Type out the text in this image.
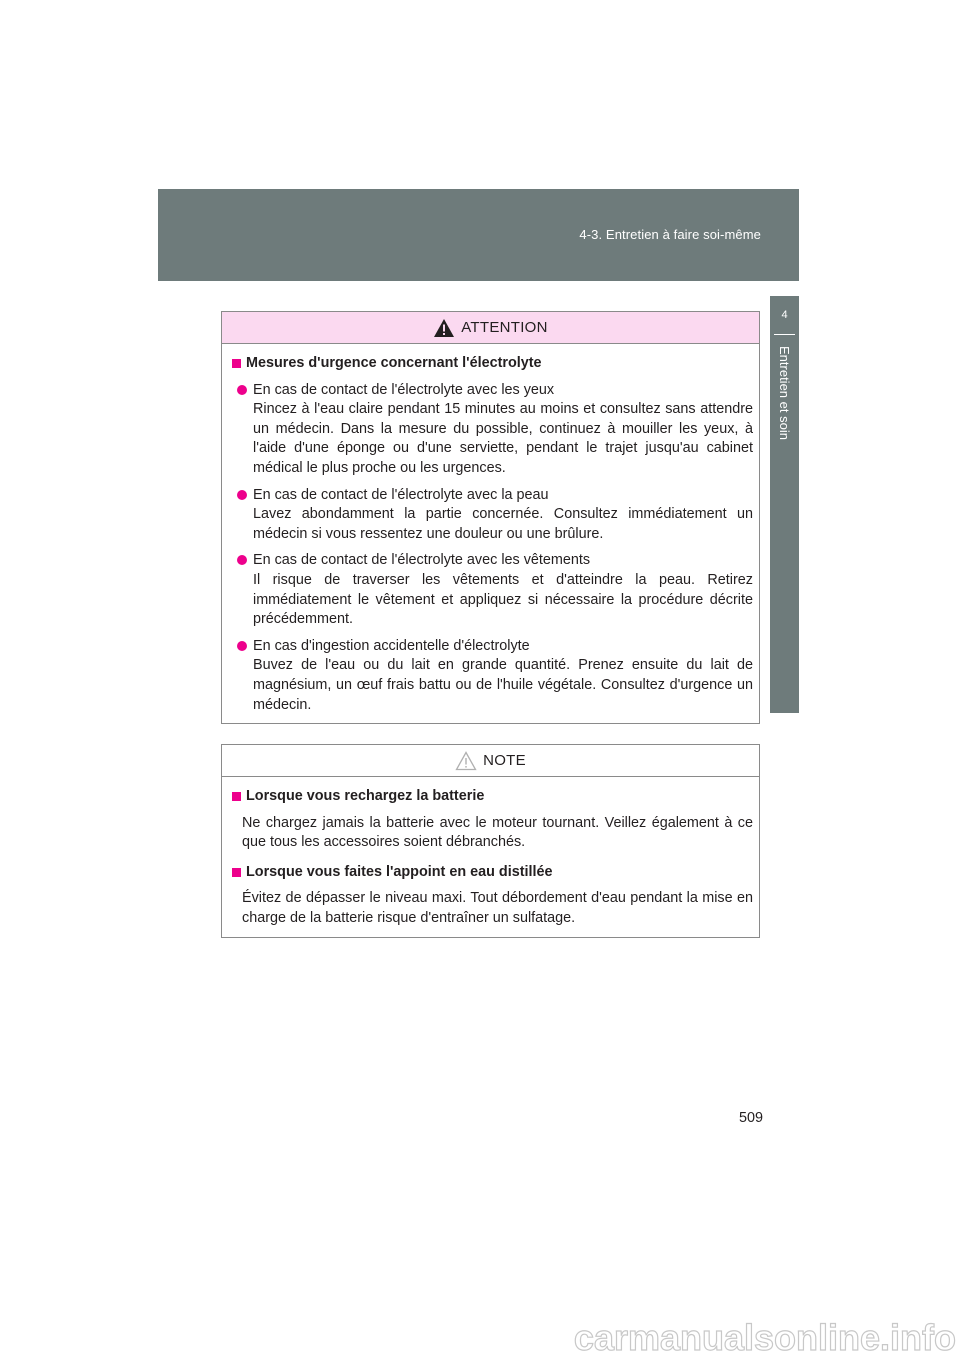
4-3. Entretien à faire soi-même
4
Entretien et soin
ATTENTION
Mesures d'urgence concernant l'électrolyte
En cas de contact de l'électrolyte avec les yeux
Rincez à l'eau claire pendant 15 minutes au moins et consultez sans attendre un médecin. Dans la mesure du possible, continuez à mouiller les yeux, à l'aide d'une éponge ou d'une serviette, pendant le trajet jusqu'au cabinet médical le plus proche ou les urgences.
En cas de contact de l'électrolyte avec la peau
Lavez abondamment la partie concernée. Consultez immédiatement un médecin si vous ressentez une douleur ou une brûlure.
En cas de contact de l'électrolyte avec les vêtements
Il risque de traverser les vêtements et d'atteindre la peau. Retirez immédiatement le vêtement et appliquez si nécessaire la procédure décrite précédemment.
En cas d'ingestion accidentelle d'électrolyte
Buvez de l'eau ou du lait en grande quantité. Prenez ensuite du lait de magnésium, un œuf frais battu ou de l'huile végétale. Consultez d'urgence un médecin.
NOTE
Lorsque vous rechargez la batterie
Ne chargez jamais la batterie avec le moteur tournant. Veillez également à ce que tous les accessoires soient débranchés.
Lorsque vous faites l'appoint en eau distillée
Évitez de dépasser le niveau maxi. Tout débordement d'eau pendant la mise en charge de la batterie risque d'entraîner un sulfatage.
509
carmanualsonline.info
